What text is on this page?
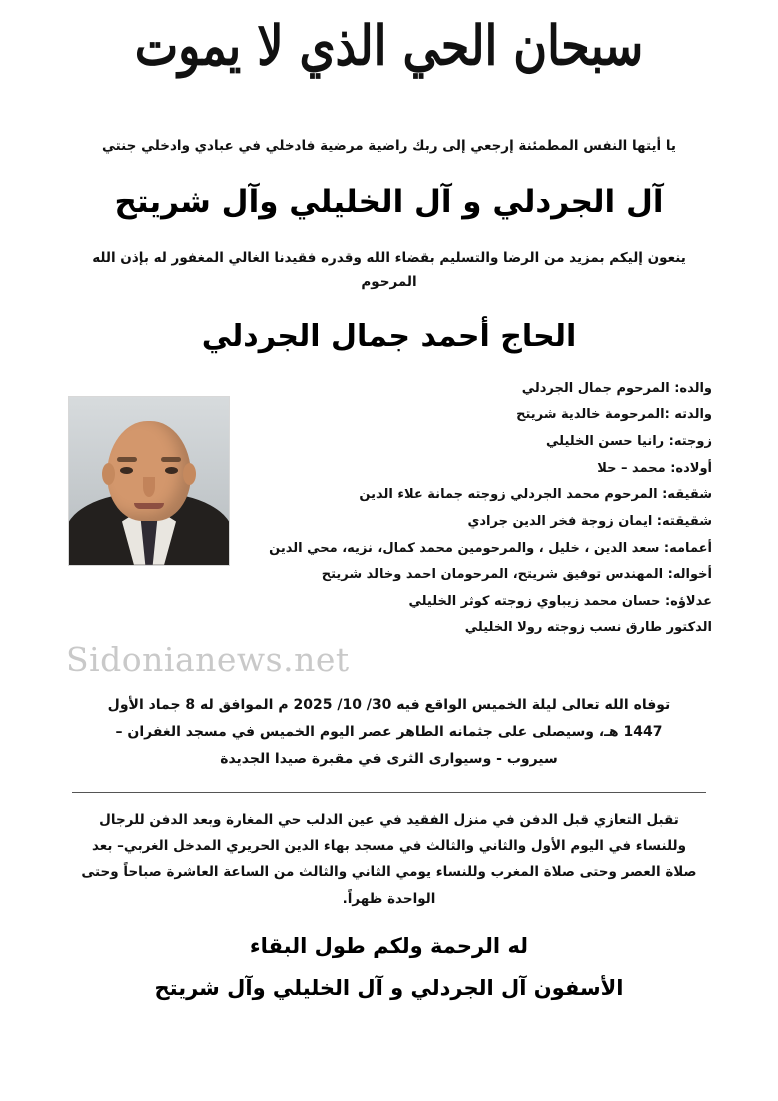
سبحان الحي الذي لا يموت
يا أيتها النفس المطمئنة إرجعي إلى ربك راضية مرضية فادخلي في عبادي وادخلي جنتي
آل الجردلي و آل الخليلي وآل شريتح
ينعون إليكم بمزيد من الرضا والتسليم بقضاء الله وقدره فقيدنا الغالي المغفور له بإذن الله
المرحوم
الحاج أحمد جمال الجردلي
والده: المرحوم جمال الجردلي
والدته :المرحومة خالدية شريتح
زوجته: رانيا حسن الخليلي
أولاده: محمد – حلا
شقيقه: المرحوم محمد الجردلي زوجته جمانة علاء الدين
شقيقته: ايمان زوجة فخر الدين جرادي
أعمامه: سعد الدين ، خليل ، والمرحومين محمد كمال، نزيه، محي الدين
أخواله: المهندس توفيق شريتح، المرحومان احمد وخالد شريتح
عدلاؤه: حسان محمد زيباوي زوجته كوثر الخليلي
الدكتور طارق نسب زوجته رولا الخليلي
Sidonianews.net
توفاه الله تعالى ليلة الخميس الواقع فيه 30/ 10/ 2025 م الموافق له 8 جماد الأول 1447 هـ، وسيصلى على جثمانه الطاهر عصر اليوم الخميس في مسجد الغفران – سيروب - وسيوارى الثرى في مقبرة صيدا الجديدة
تقبل التعازي قبل الدفن في منزل الفقيد في عين الدلب حي المغارة وبعد الدفن للرجال وللنساء في اليوم الأول والثاني والثالث في مسجد بهاء الدين الحريري المدخل الغربي– بعد صلاة العصر وحتى صلاة المغرب وللنساء يومي الثاني والثالث من الساعة العاشرة صباحاً وحتى الواحدة ظهراً.
له الرحمة ولكم طول البقاء
الأسفون آل الجردلي و آل الخليلي وآل شريتح
